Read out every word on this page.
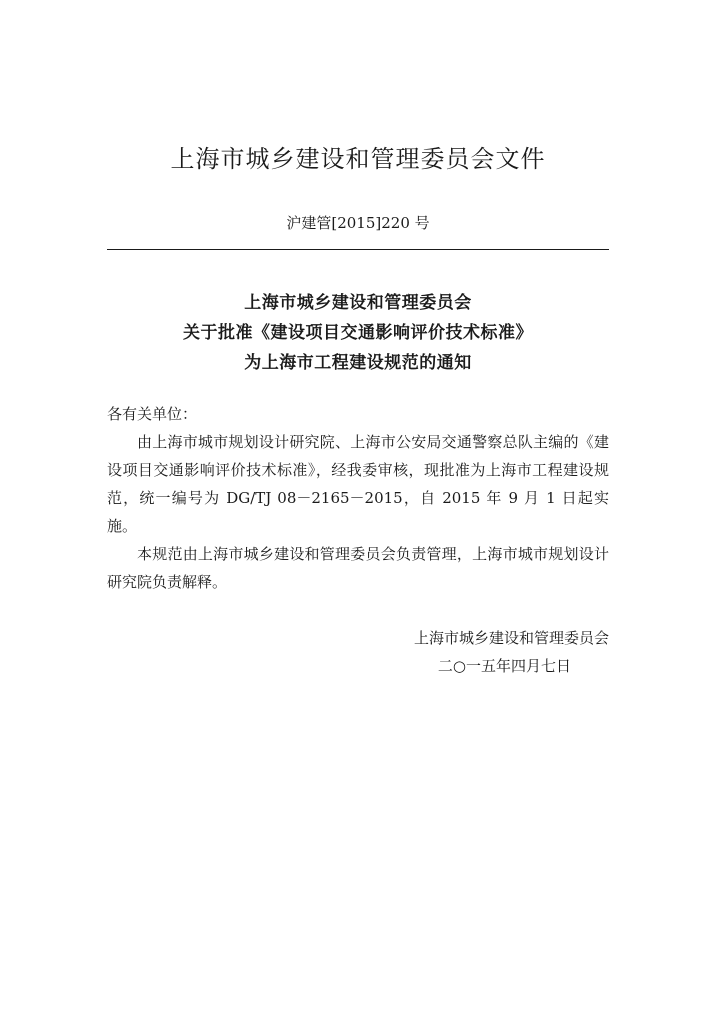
上海市城乡建设和管理委员会文件
沪建管[2015]220 号
上海市城乡建设和管理委员会
关于批准《建设项目交通影响评价技术标准》
为上海市工程建设规范的通知

各有关单位：

由上海市城市规划设计研究院、上海市公安局交通警察总队主编的《建设项目交通影响评价技术标准》，经我委审核，现批准为上海市工程建设规范，统一编号为 DG/TJ 08－2165－2015，自 2015 年 9 月 1 日起实施。

本规范由上海市城乡建设和管理委员会负责管理，上海市城市规划设计研究院负责解释。

上海市城乡建设和管理委员会
二○一五年四月七日
